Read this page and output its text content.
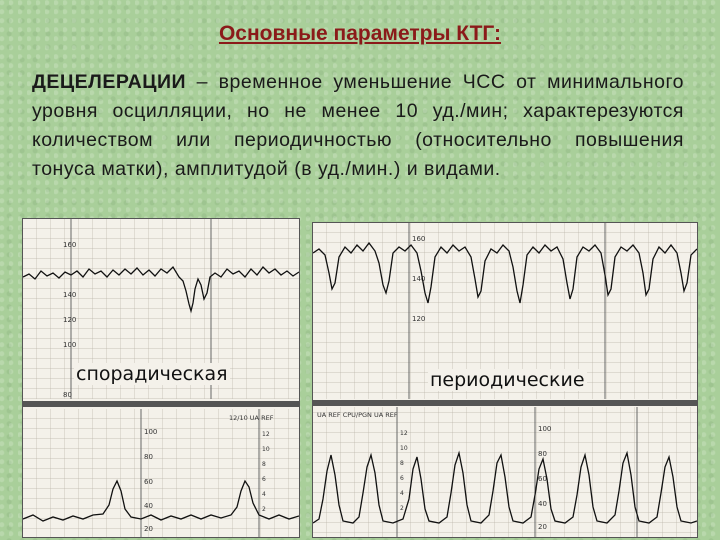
Основные параметры КТГ:
ДЕЦЕЛЕРАЦИИ – временное уменьшение ЧСС от минимального уровня осцилляции, но не менее 10 уд./мин; характерезуются количеством или периодичностью (относительно повышения тонуса матки), амплитудой (в уд./мин.) и видами.
160
140
120
100
80
12/10 UA REF
100
80
60
40
20
12
10
8
6
4
2
160
140
120
UA REF CPU/PGN UA REF
100
80
60
40
20
12
10
8
6
4
2
спорадическая	периодические
